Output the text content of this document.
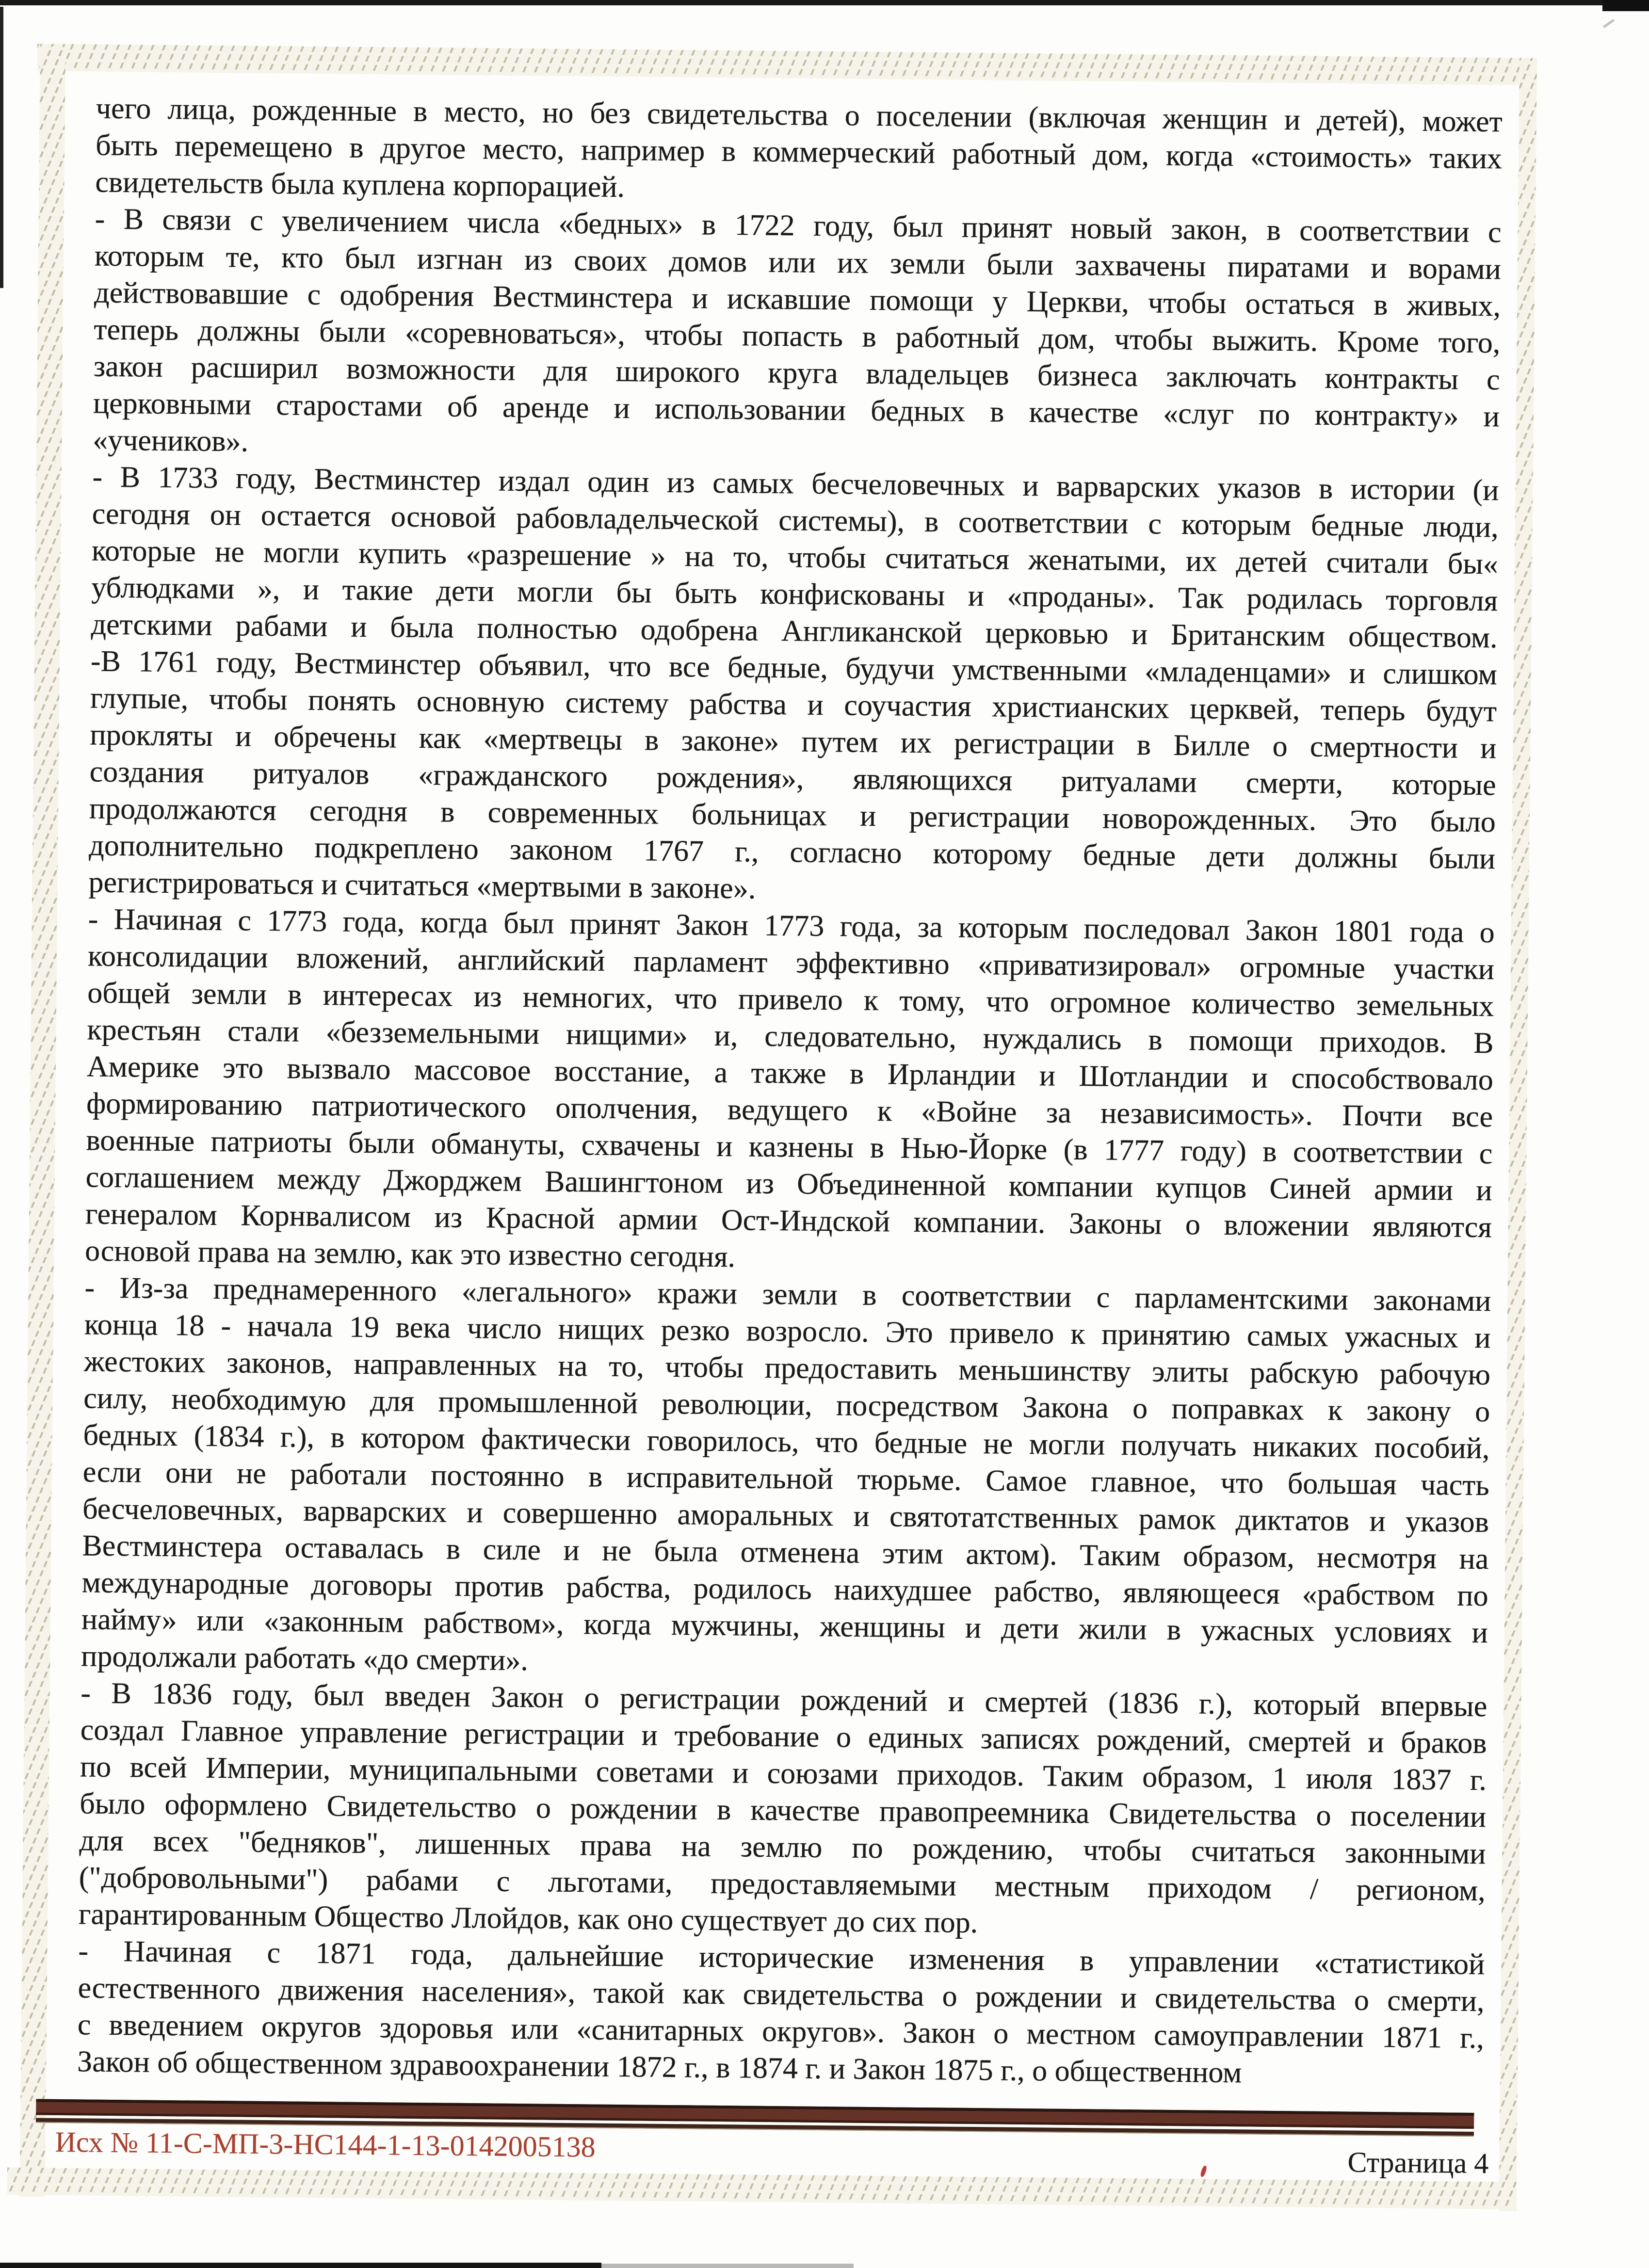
чего лица, рожденные в место, но без свидетельства о поселении (включая женщин и детей), может
быть перемещено в другое место, например в коммерческий работный дом, когда «стоимость» таких
свидетельств была куплена корпорацией.
- В связи с увеличением числа «бедных» в 1722 году, был принят новый закон, в соответствии с
которым те, кто был изгнан из своих домов или их земли были захвачены пиратами и ворами
действовавшие с одобрения Вестминстера и искавшие помощи у Церкви, чтобы остаться в живых,
теперь должны были «соревноваться», чтобы попасть в работный дом, чтобы выжить. Кроме того,
закон расширил возможности для широкого круга владельцев бизнеса заключать контракты с
церковными старостами об аренде и использовании бедных в качестве «слуг по контракту» и
«учеников».
- В 1733 году, Вестминстер издал один из самых бесчеловечных и варварских указов в истории (и
сегодня он остается основой рабовладельческой системы), в соответствии с которым бедные люди,
которые не могли купить «разрешение » на то, чтобы считаться женатыми, их детей считали бы«
ублюдками », и такие дети могли бы быть конфискованы и «проданы». Так родилась торговля
детскими рабами и была полностью одобрена Англиканской церковью и Британским обществом.
-В 1761 году, Вестминстер объявил, что все бедные, будучи умственными «младенцами» и слишком
глупые, чтобы понять основную систему рабства и соучастия христианских церквей, теперь будут
прокляты и обречены как «мертвецы в законе» путем их регистрации в Билле о смертности и
создания ритуалов «гражданского рождения», являющихся ритуалами смерти, которые
продолжаются сегодня в современных больницах и регистрации новорожденных. Это было
дополнительно подкреплено законом 1767 г., согласно которому бедные дети должны были
регистрироваться и считаться «мертвыми в законе».
- Начиная с 1773 года, когда был принят Закон 1773 года, за которым последовал Закон 1801 года о
консолидации вложений, английский парламент эффективно «приватизировал» огромные участки
общей земли в интересах из немногих, что привело к тому, что огромное количество земельных
крестьян стали «безземельными нищими» и, следовательно, нуждались в помощи приходов. В
Америке это вызвало массовое восстание, а также в Ирландии и Шотландии и способствовало
формированию патриотического ополчения, ведущего к «Войне за независимость». Почти все
военные патриоты были обмануты, схвачены и казнены в Нью-Йорке (в 1777 году) в соответствии с
соглашением между Джорджем Вашингтоном из Объединенной компании купцов Синей армии и
генералом Корнвалисом из Красной армии Ост-Индской компании. Законы о вложении являются
основой права на землю, как это известно сегодня.
- Из-за преднамеренного «легального» кражи земли в соответствии с парламентскими законами
конца 18 - начала 19 века число нищих резко возросло. Это привело к принятию самых ужасных и
жестоких законов, направленных на то, чтобы предоставить меньшинству элиты рабскую рабочую
силу, необходимую для промышленной революции, посредством Закона о поправках к закону о
бедных (1834 г.), в котором фактически говорилось, что бедные не могли получать никаких пособий,
если они не работали постоянно в исправительной тюрьме. Самое главное, что большая часть
бесчеловечных, варварских и совершенно аморальных и святотатственных рамок диктатов и указов
Вестминстера оставалась в силе и не была отменена этим актом). Таким образом, несмотря на
международные договоры против рабства, родилось наихудшее рабство, являющееся «рабством по
найму» или «законным рабством», когда мужчины, женщины и дети жили в ужасных условиях и
продолжали работать «до смерти».
- В 1836 году, был введен Закон о регистрации рождений и смертей (1836 г.), который впервые
создал Главное управление регистрации и требование о единых записях рождений, смертей и браков
по всей Империи, муниципальными советами и союзами приходов. Таким образом, 1 июля 1837 г.
было оформлено Свидетельство о рождении в качестве правопреемника Свидетельства о поселении
для всех "бедняков", лишенных права на землю по рождению, чтобы считаться законными
("добровольными") рабами с льготами, предоставляемыми местным приходом / регионом,
гарантированным Общество Ллойдов, как оно существует до сих пор.
- Начиная с 1871 года, дальнейшие исторические изменения в управлении «статистикой
естественного движения населения», такой как свидетельства о рождении и свидетельства о смерти,
с введением округов здоровья или «санитарных округов». Закон о местном самоуправлении 1871 г.,
Закон об общественном здравоохранении 1872 г., в 1874 г. и Закон 1875 г., о общественном
Исх № 11-С-МП-3-НС144-1-13-0142005138	Страница 4
